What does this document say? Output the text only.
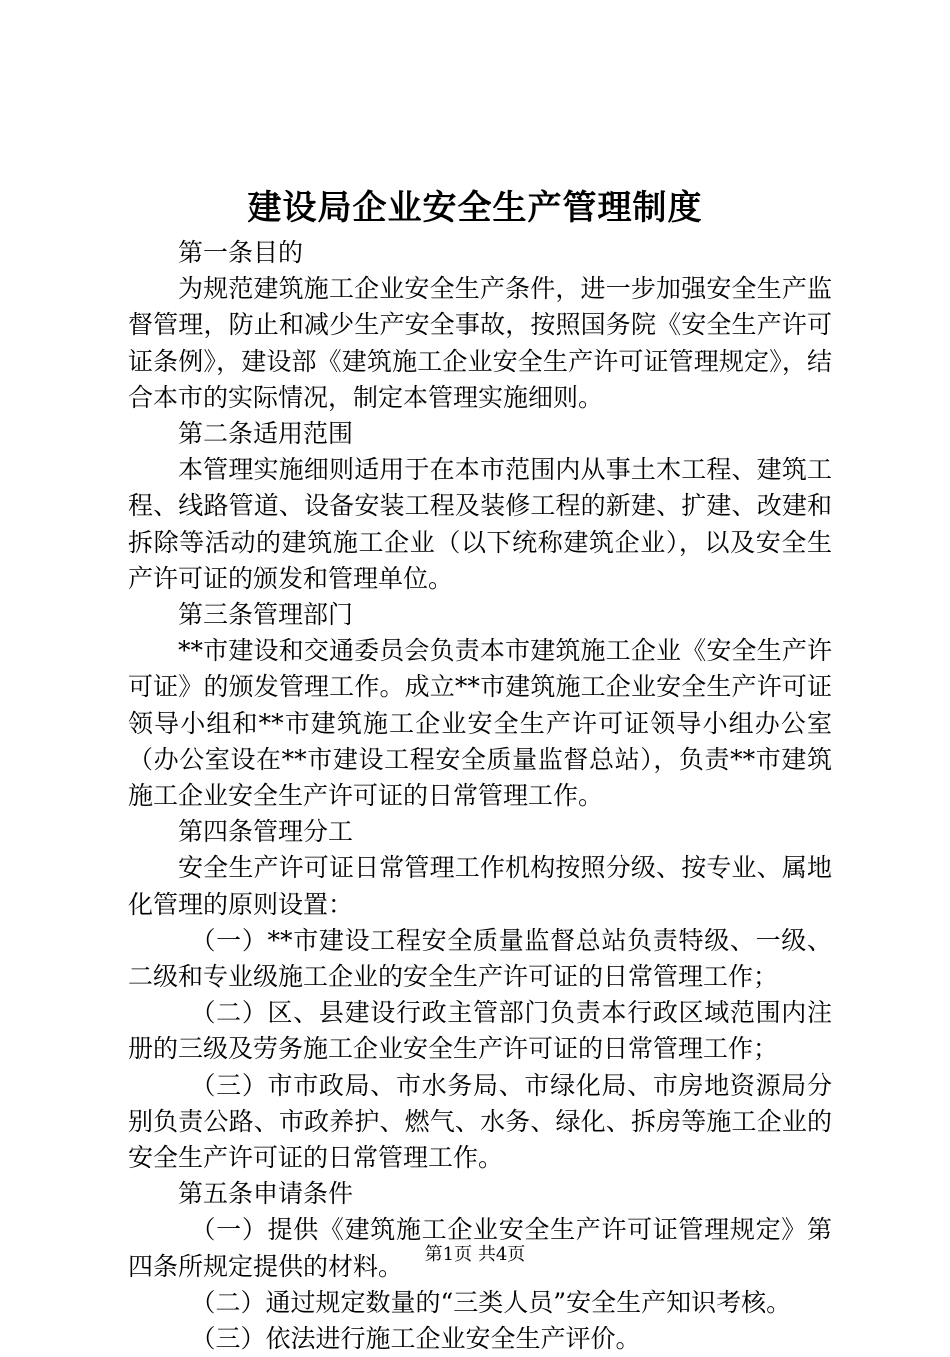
建设局企业安全生产管理制度

第一条目的

为规范建筑施工企业安全生产条件，进一步加强安全生产监督管理，防止和减少生产安全事故，按照国务院《安全生产许可证条例》，建设部《建筑施工企业安全生产许可证管理规定》，结合本市的实际情况，制定本管理实施细则。

第二条适用范围

本管理实施细则适用于在本市范围内从事土木工程、建筑工程、线路管道、设备安装工程及装修工程的新建、扩建、改建和拆除等活动的建筑施工企业（以下统称建筑企业），以及安全生产许可证的颁发和管理单位。

第三条管理部门

**市建设和交通委员会负责本市建筑施工企业《安全生产许可证》的颁发管理工作。成立**市建筑施工企业安全生产许可证领导小组和**市建筑施工企业安全生产许可证领导小组办公室（办公室设在**市建设工程安全质量监督总站），负责**市建筑施工企业安全生产许可证的日常管理工作。

第四条管理分工

安全生产许可证日常管理工作机构按照分级、按专业、属地化管理的原则设置：

（一）**市建设工程安全质量监督总站负责特级、一级、二级和专业级施工企业的安全生产许可证的日常管理工作；

（二）区、县建设行政主管部门负责本行政区域范围内注册的三级及劳务施工企业安全生产许可证的日常管理工作；

（三）市市政局、市水务局、市绿化局、市房地资源局分别负责公路、市政养护、燃气、水务、绿化、拆房等施工企业的安全生产许可证的日常管理工作。

第五条申请条件

（一）提供《建筑施工企业安全生产许可证管理规定》第四条所规定提供的材料。

（二）通过规定数量的“三类人员”安全生产知识考核。

（三）依法进行施工企业安全生产评价。

第1页 共4页
